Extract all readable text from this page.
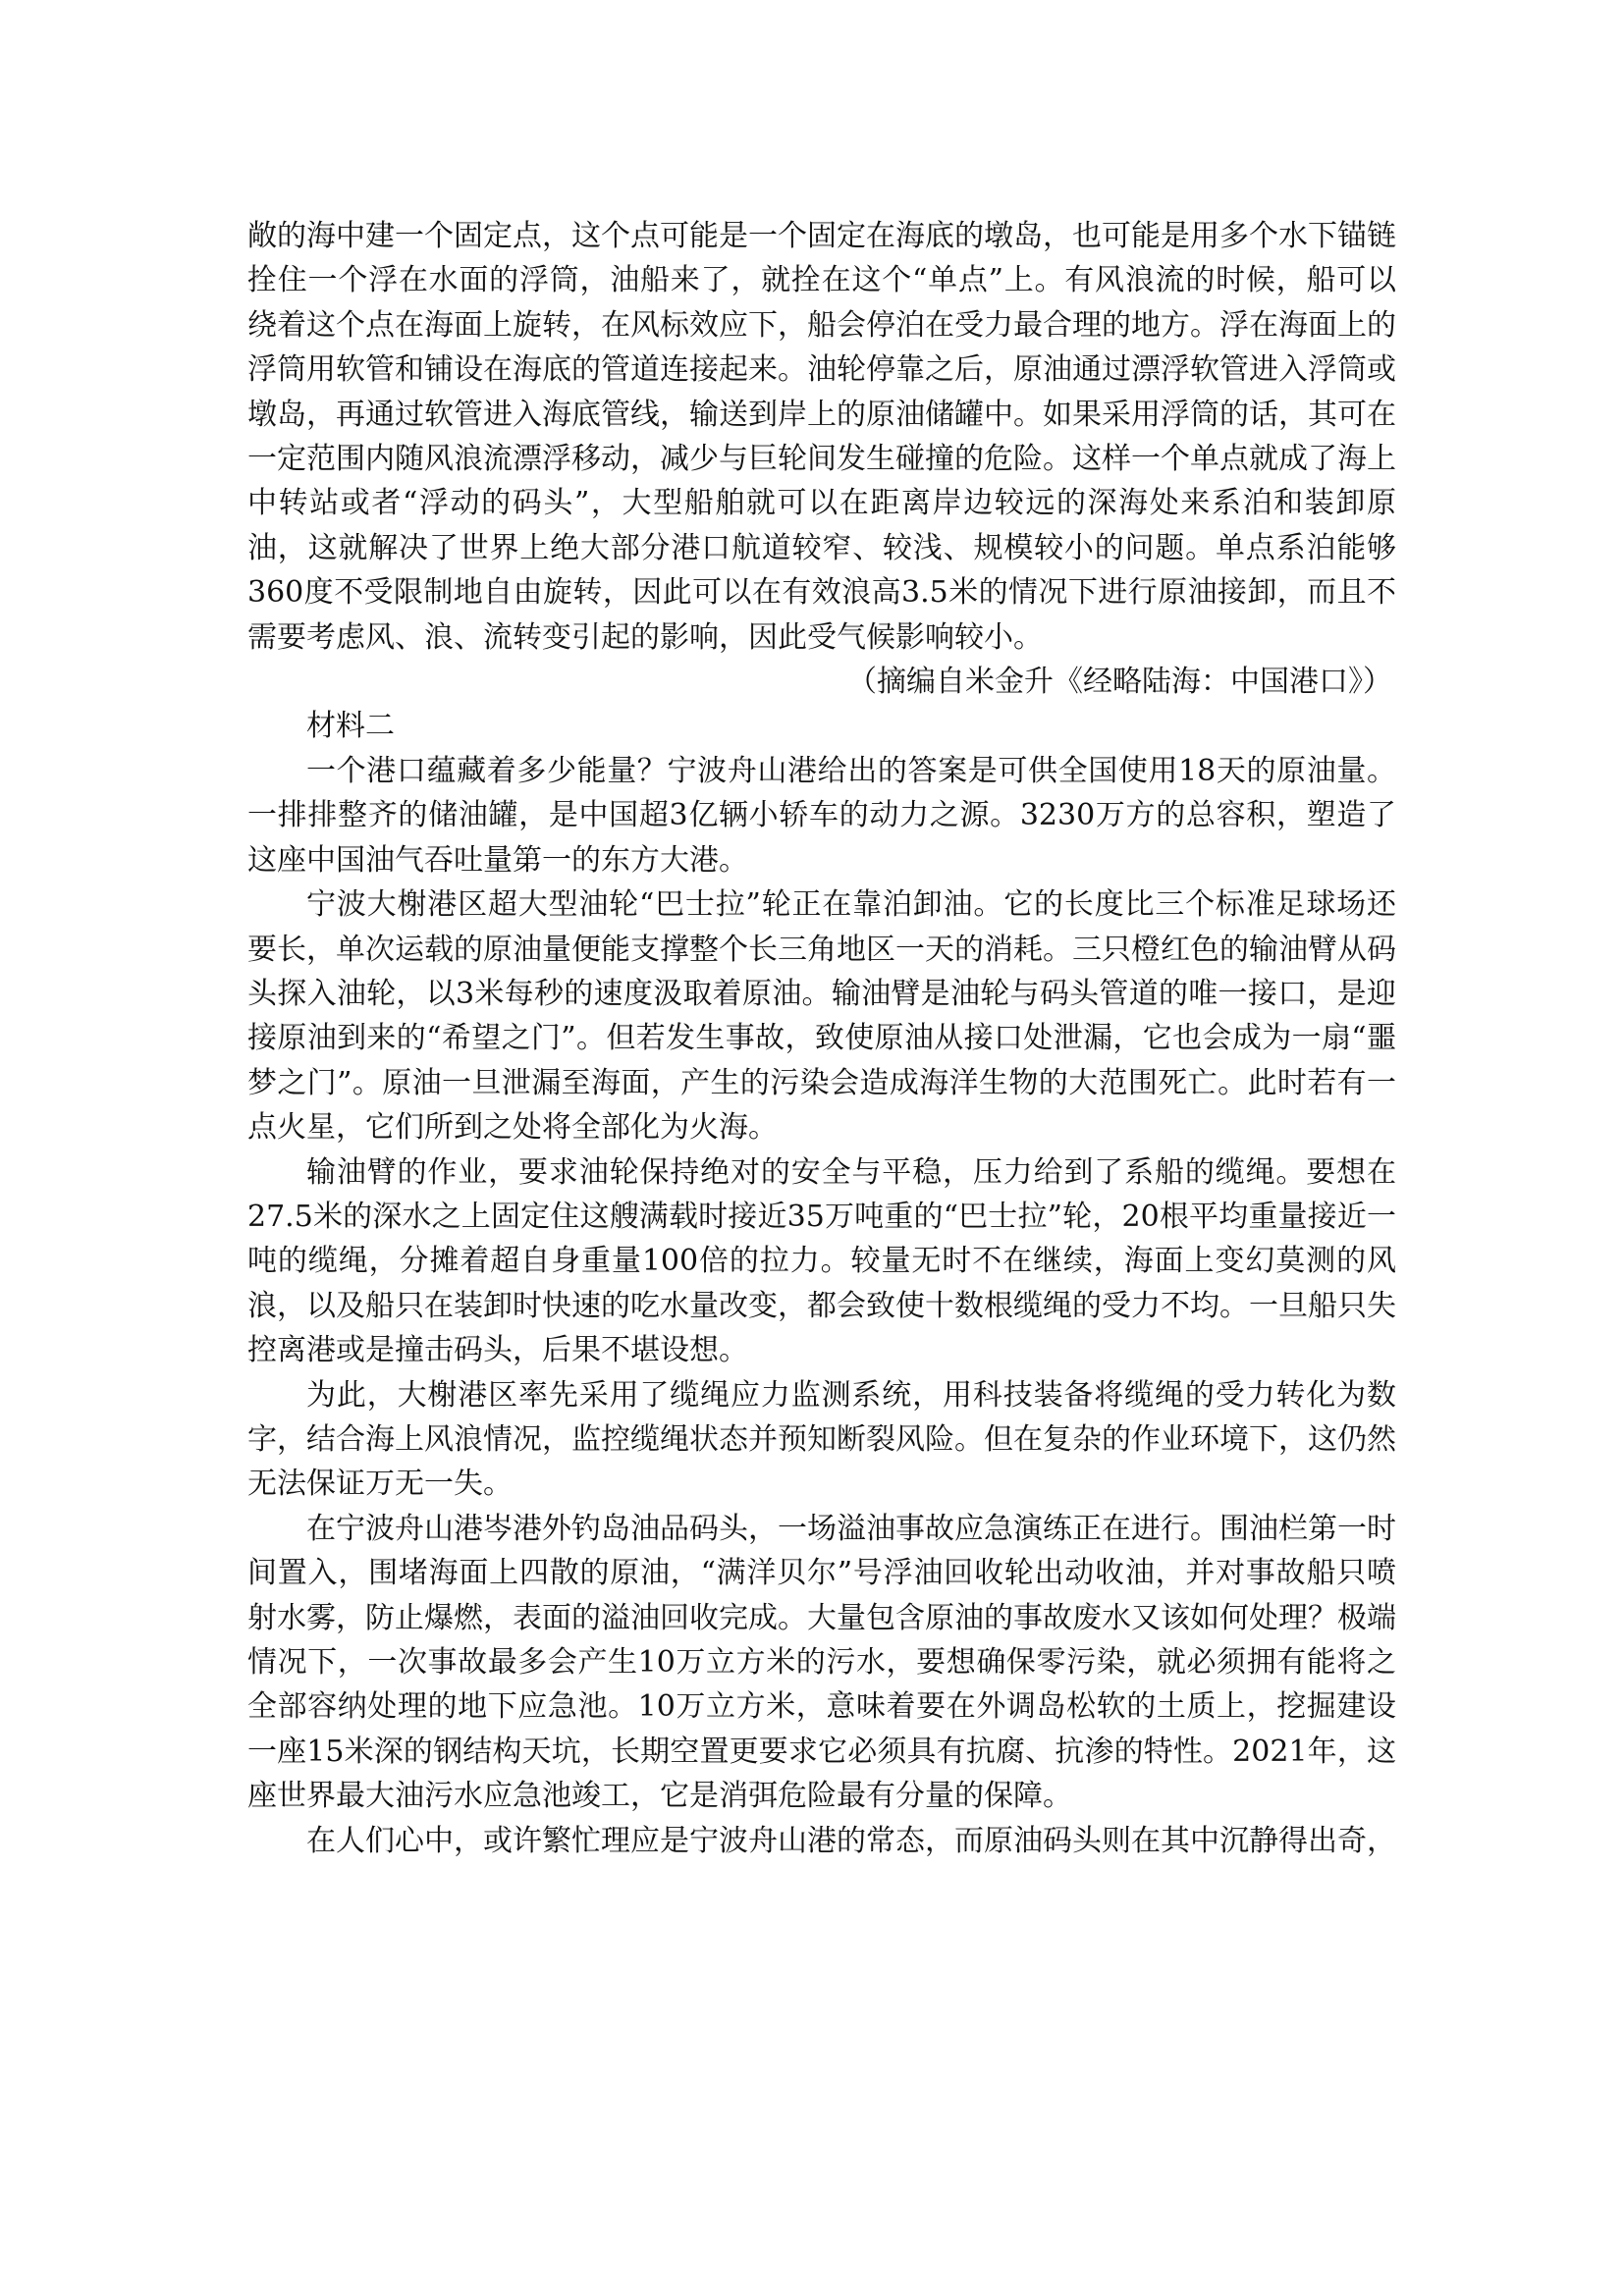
敞的海中建一个固定点，这个点可能是一个固定在海底的墩岛，也可能是用多个水下锚链拴住一个浮在水面的浮筒，油船来了，就拴在这个“单点”上。有风浪流的时候，船可以绕着这个点在海面上旋转，在风标效应下，船会停泊在受力最合理的地方。浮在海面上的浮筒用软管和铺设在海底的管道连接起来。油轮停靠之后，原油通过漂浮软管进入浮筒或墩岛，再通过软管进入海底管线，输送到岸上的原油储罐中。如果采用浮筒的话，其可在一定范围内随风浪流漂浮移动，减少与巨轮间发生碰撞的危险。这样一个单点就成了海上中转站或者“浮动的码头”，大型船舶就可以在距离岸边较远的深海处来系泊和装卸原油，这就解决了世界上绝大部分港口航道较窄、较浅、规模较小的问题。单点系泊能够360度不受限制地自由旋转，因此可以在有效浪高3.5米的情况下进行原油接卸，而且不需要考虑风、浪、流转变引起的影响，因此受气候影响较小。

（摘编自米金升《经略陆海：中国港口》）

材料二

一个港口蕴藏着多少能量？宁波舟山港给出的答案是可供全国使用18天的原油量。一排排整齐的储油罐，是中国超3亿辆小轿车的动力之源。3230万方的总容积，塑造了这座中国油气吞吐量第一的东方大港。

宁波大榭港区超大型油轮“巴士拉”轮正在靠泊卸油。它的长度比三个标准足球场还要长，单次运载的原油量便能支撑整个长三角地区一天的消耗。三只橙红色的输油臂从码头探入油轮，以3米每秒的速度汲取着原油。输油臂是油轮与码头管道的唯一接口，是迎接原油到来的“希望之门”。但若发生事故，致使原油从接口处泄漏，它也会成为一扇“噩梦之门”。原油一旦泄漏至海面，产生的污染会造成海洋生物的大范围死亡。此时若有一点火星，它们所到之处将全部化为火海。

输油臂的作业，要求油轮保持绝对的安全与平稳，压力给到了系船的缆绳。要想在27.5米的深水之上固定住这艘满载时接近35万吨重的“巴士拉”轮，20根平均重量接近一吨的缆绳，分摊着超自身重量100倍的拉力。较量无时不在继续，海面上变幻莫测的风浪，以及船只在装卸时快速的吃水量改变，都会致使十数根缆绳的受力不均。一旦船只失控离港或是撞击码头，后果不堪设想。

为此，大榭港区率先采用了缆绳应力监测系统，用科技装备将缆绳的受力转化为数字，结合海上风浪情况，监控缆绳状态并预知断裂风险。但在复杂的作业环境下，这仍然无法保证万无一失。

在宁波舟山港岑港外钓岛油品码头，一场溢油事故应急演练正在进行。围油栏第一时间置入，围堵海面上四散的原油，“满洋贝尔”号浮油回收轮出动收油，并对事故船只喷射水雾，防止爆燃，表面的溢油回收完成。大量包含原油的事故废水又该如何处理？极端情况下，一次事故最多会产生10万立方米的污水，要想确保零污染，就必须拥有能将之全部容纳处理的地下应急池。10万立方米，意味着要在外调岛松软的土质上，挖掘建设一座15米深的钢结构天坑，长期空置更要求它必须具有抗腐、抗渗的特性。2021年，这座世界最大油污水应急池竣工，它是消弭危险最有分量的保障。

在人们心中，或许繁忙理应是宁波舟山港的常态，而原油码头则在其中沉静得出奇，
